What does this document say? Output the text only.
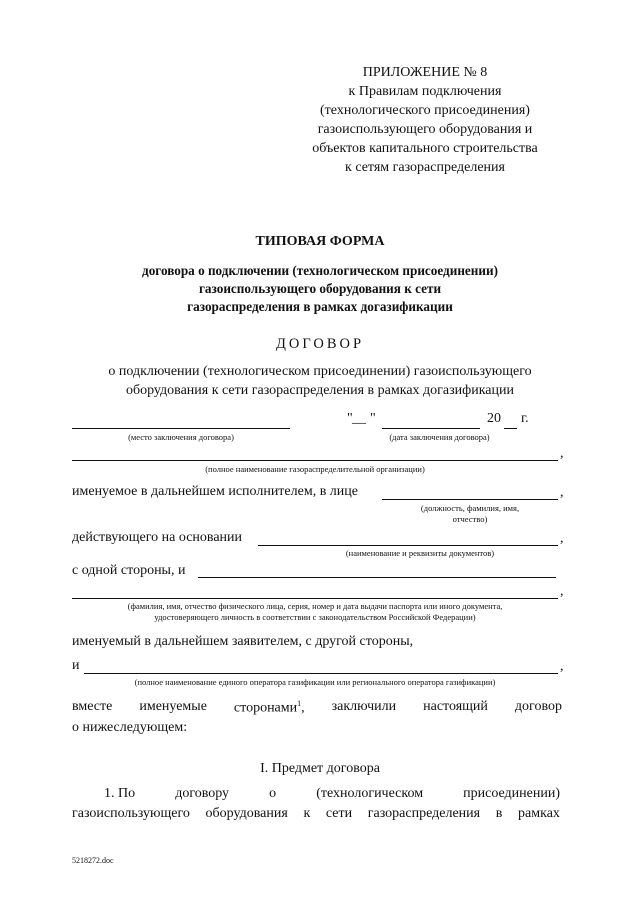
ПРИЛОЖЕНИЕ № 8
к Правилам подключения
(технологического присоединения)
газоиспользующего оборудования и
объектов капитального строительства
к сетям газораспределения
ТИПОВАЯ ФОРМА
договора о подключении (технологическом присоединении)
газоиспользующего оборудования к сети
газораспределения в рамках догазификации
ДОГОВОР
о подключении (технологическом присоединении) газоиспользующего
оборудования к сети газораспределения в рамках догазификации
(место заключения договора)
" __ "	20 г.
(дата заключения договора)
,
(полное наименование газораспределительной организации)
именуемое в дальнейшем исполнителем, в лице	,
(должность, фамилия, имя,
отчество)
действующего на основании	,
(наименование и реквизиты документов)
с одной стороны, и
,
(фамилия, имя, отчество физического лица, серия, номер и дата выдачи паспорта или иного документа,
удостоверяющего личность в соответствии с законодательством Российской Федерации)
именуемый в дальнейшем заявителем, с другой стороны,
и	,
(полное наименование единого оператора газификации или регионального оператора газификации)
вместе именуемые сторонами$^1$, заключили настоящий договор
о нижеследующем:
I. Предмет договора
1. По	договору	о	(технологическом	присоединении)
газоиспользующего оборудования к сети газораспределения в рамках
5218272.doc
